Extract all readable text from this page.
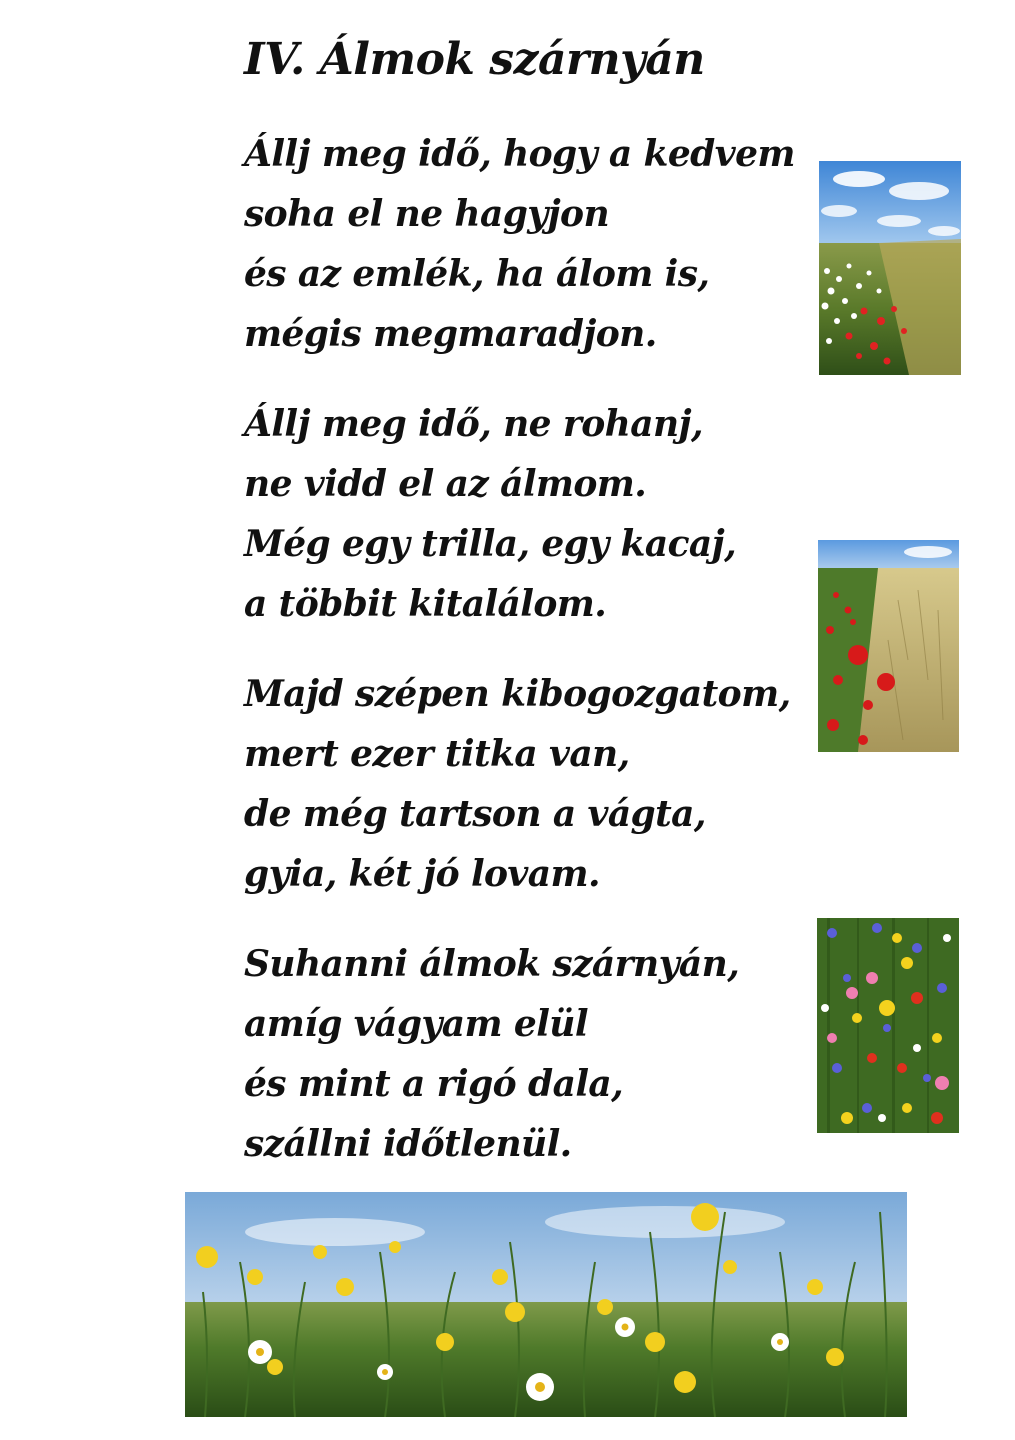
IV. Álmok szárnyán
Állj meg idő, hogy a kedvem
soha el ne hagyjon
és az emlék, ha álom is,
mégis megmaradjon.
Állj meg idő, ne rohanj,
ne vidd el az álmom.
Még egy trilla, egy kacaj,
a többit kitalálom.
Majd szépen kibogozgatom,
mert ezer titka van,
de még tartson a vágta,
gyia, két jó lovam.
Suhanni álmok szárnyán,
amíg vágyam elül
és mint a rigó dala,
szállni időtlenül.
